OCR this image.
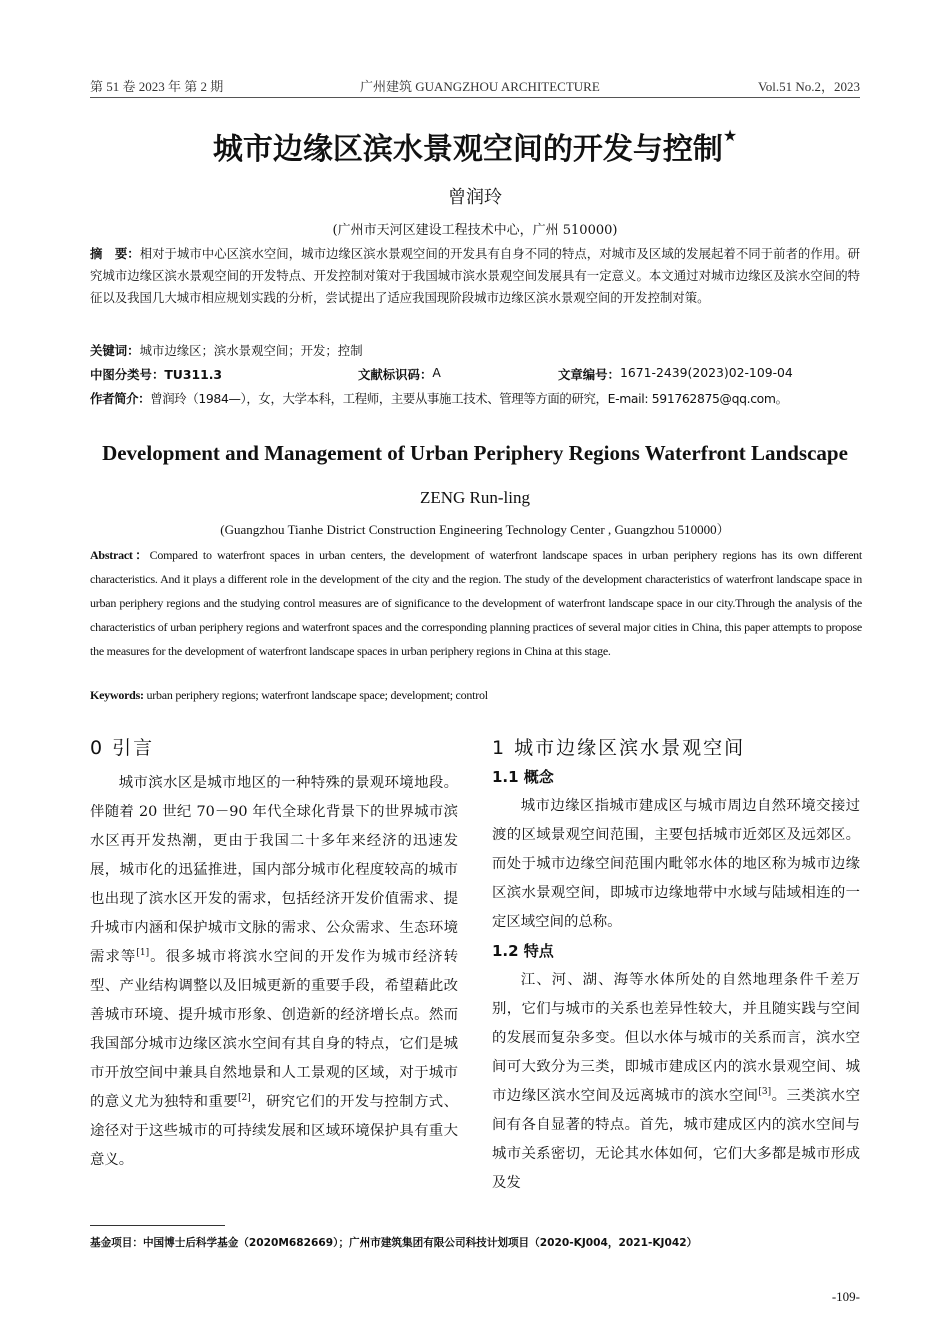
第 51 卷 2023 年 第 2 期	广州建筑 GUANGZHOU ARCHITECTURE	Vol.51 No.2，2023
城市边缘区滨水景观空间的开发与控制★
曾润玲
(广州市天河区建设工程技术中心，广州 510000)
摘　要：相对于城市中心区滨水空间，城市边缘区滨水景观空间的开发具有自身不同的特点，对城市及区域的发展起着不同于前者的作用。研究城市边缘区滨水景观空间的开发特点、开发控制对策对于我国城市滨水景观空间发展具有一定意义。本文通过对城市边缘区及滨水空间的特征以及我国几大城市相应规划实践的分析，尝试提出了适应我国现阶段城市边缘区滨水景观空间的开发控制对策。
关键词： 城市边缘区；滨水景观空间；开发；控制
中图分类号：TU311.3	文献标识码： A	文章编号： 1671-2439(2023)02-109-04
作者简介： 曾润玲（1984—），女，大学本科，工程师，主要从事施工技术、管理等方面的研究，E-mail: 591762875@qq.com。
Development and Management of Urban Periphery Regions Waterfront Landscape
ZENG Run-ling
(Guangzhou Tianhe District Construction Engineering Technology Center , Guangzhou 510000）
Abstract：Compared to waterfront spaces in urban centers, the development of waterfront landscape spaces in urban periphery regions has its own different characteristics. And it plays a different role in the development of the city and the region. The study of the development characteristics of waterfront landscape space in urban periphery regions and the studying control measures are of significance to the development of waterfront landscape space in our city.Through the analysis of the characteristics of urban periphery regions and waterfront spaces and the corresponding planning practices of several major cities in China, this paper attempts to propose the measures for the development of waterfront landscape spaces in urban periphery regions in China at this stage.
Keywords: urban periphery regions; waterfront landscape space; development; control
0 引言

城市滨水区是城市地区的一种特殊的景观环境地段。伴随着 20 世纪 70－90 年代全球化背景下的世界城市滨水区再开发热潮，更由于我国二十多年来经济的迅速发展，城市化的迅猛推进，国内部分城市化程度较高的城市也出现了滨水区开发的需求，包括经济开发价值需求、提升城市内涵和保护城市文脉的需求、公众需求、生态环境需求等[1]。很多城市将滨水空间的开发作为城市经济转型、产业结构调整以及旧城更新的重要手段，希望藉此改善城市环境、提升城市形象、创造新的经济增长点。然而我国部分城市边缘区滨水空间有其自身的特点，它们是城市开放空间中兼具自然地景和人工景观的区域，对于城市的意义尤为独特和重要[2]，研究它们的开发与控制方式、途径对于这些城市的可持续发展和区域环境保护具有重大意义。

1 城市边缘区滨水景观空间
1.1 概念

城市边缘区指城市建成区与城市周边自然环境交接过渡的区域景观空间范围，主要包括城市近郊区及远郊区。而处于城市边缘空间范围内毗邻水体的地区称为城市边缘区滨水景观空间，即城市边缘地带中水域与陆域相连的一定区域空间的总称。

1.2 特点

江、河、湖、海等水体所处的自然地理条件千差万别，它们与城市的关系也差异性较大，并且随实践与空间的发展而复杂多变。但以水体与城市的关系而言，滨水空间可大致分为三类，即城市建成区内的滨水景观空间、城市边缘区滨水空间及远离城市的滨水空间[3]。三类滨水空间有各自显著的特点。首先，城市建成区内的滨水空间与城市关系密切，无论其水体如何，它们大多都是城市形成及发

基金项目：中国博士后科学基金（2020M682669）；广州市建筑集团有限公司科技计划项目（2020-KJ004，2021-KJ042）
-109-
